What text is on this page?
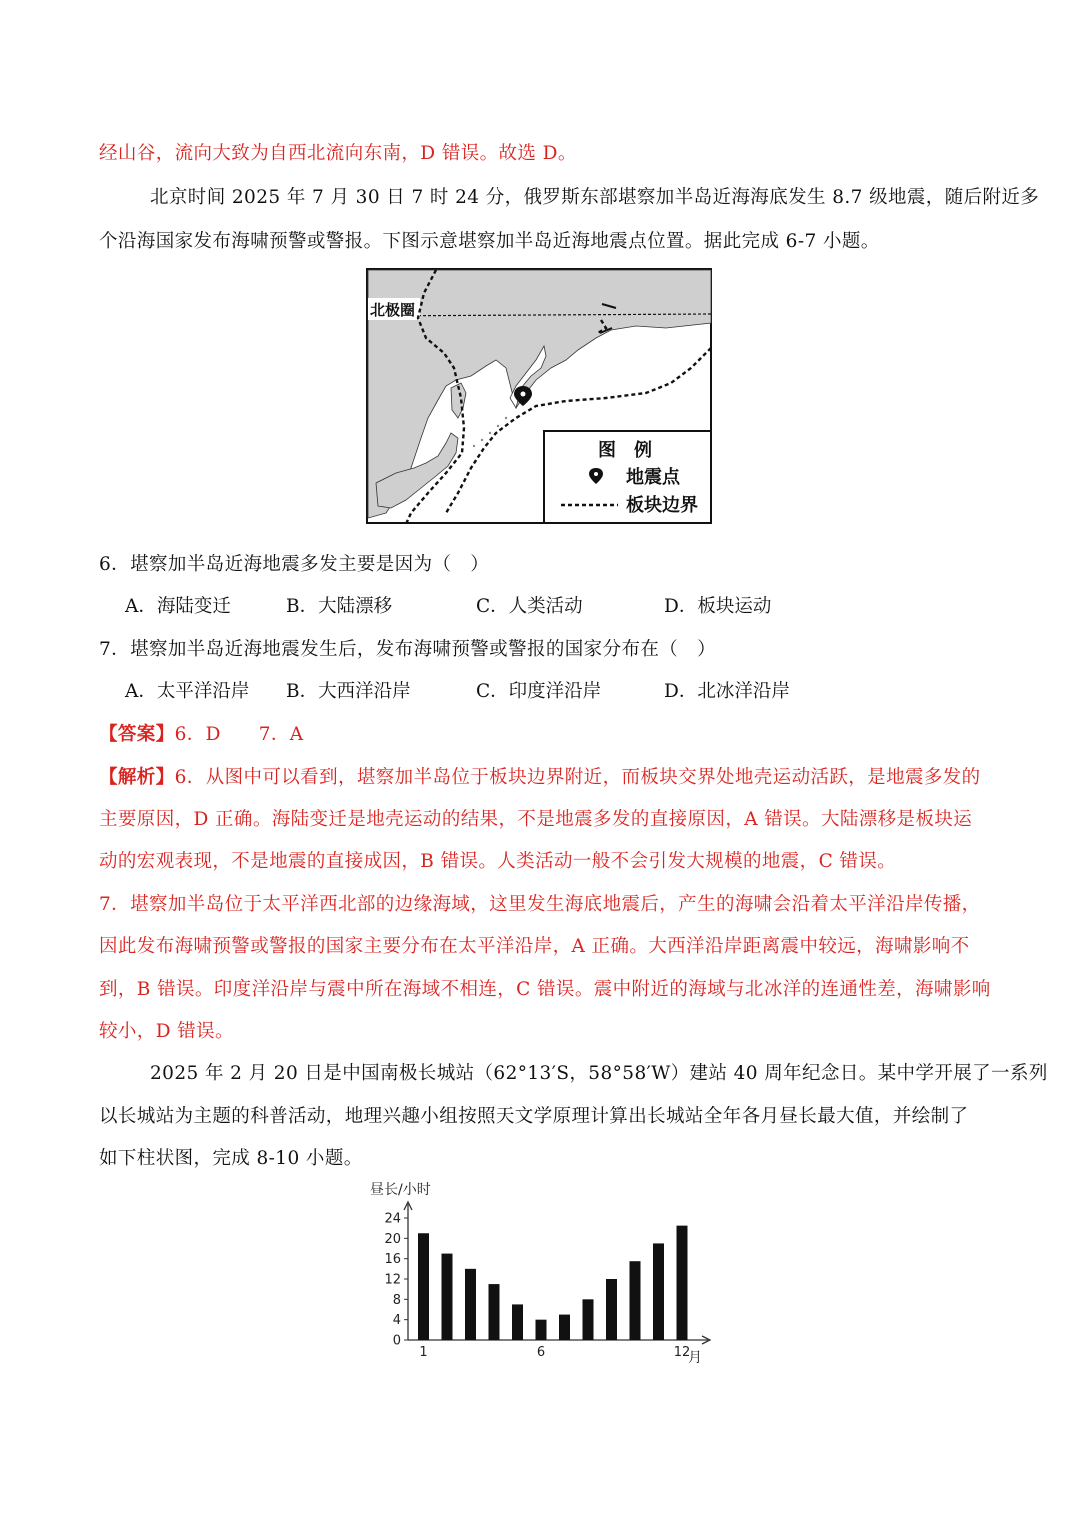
经山谷，流向大致为自西北流向东南，D 错误。故选 D。
北京时间 2025 年 7 月 30 日 7 时 24 分，俄罗斯东部堪察加半岛近海海底发生 8.7 级地震，随后附近多
个沿海国家发布海啸预警或警报。下图示意堪察加半岛近海地震点位置。据此完成 6-7 小题。
北极圈
图　例
地震点
板块边界
6．堪察加半岛近海地震多发主要是因为（　）
A．海陆变迁	B．大陆漂移	C．人类活动	D．板块运动
7．堪察加半岛近海地震发生后，发布海啸预警或警报的国家分布在（　）
A．太平洋沿岸 B．大西洋沿岸	C．印度洋沿岸	D．北冰洋沿岸
【答案】6．D　　7．A
【解析】6．从图中可以看到，堪察加半岛位于板块边界附近，而板块交界处地壳运动活跃，是地震多发的
主要原因，D 正确。海陆变迁是地壳运动的结果，不是地震多发的直接原因，A 错误。大陆漂移是板块运
动的宏观表现，不是地震的直接成因，B 错误。人类活动一般不会引发大规模的地震，C 错误。
7．堪察加半岛位于太平洋西北部的边缘海域，这里发生海底地震后，产生的海啸会沿着太平洋沿岸传播，
因此发布海啸预警或警报的国家主要分布在太平洋沿岸，A 正确。大西洋沿岸距离震中较远，海啸影响不
到，B 错误。印度洋沿岸与震中所在海域不相连，C 错误。震中附近的海域与北冰洋的连通性差，海啸影响
较小，D 错误。
2025 年 2 月 20 日是中国南极长城站（62°13′S，58°58′W）建站 40 周年纪念日。某中学开展了一系列
以长城站为主题的科普活动，地理兴趣小组按照天文学原理计算出长城站全年各月昼长最大值，并绘制了
如下柱状图，完成 8-10 小题。
昼长/小时
0
4
8
12
16
20
24
1	6	12
月
